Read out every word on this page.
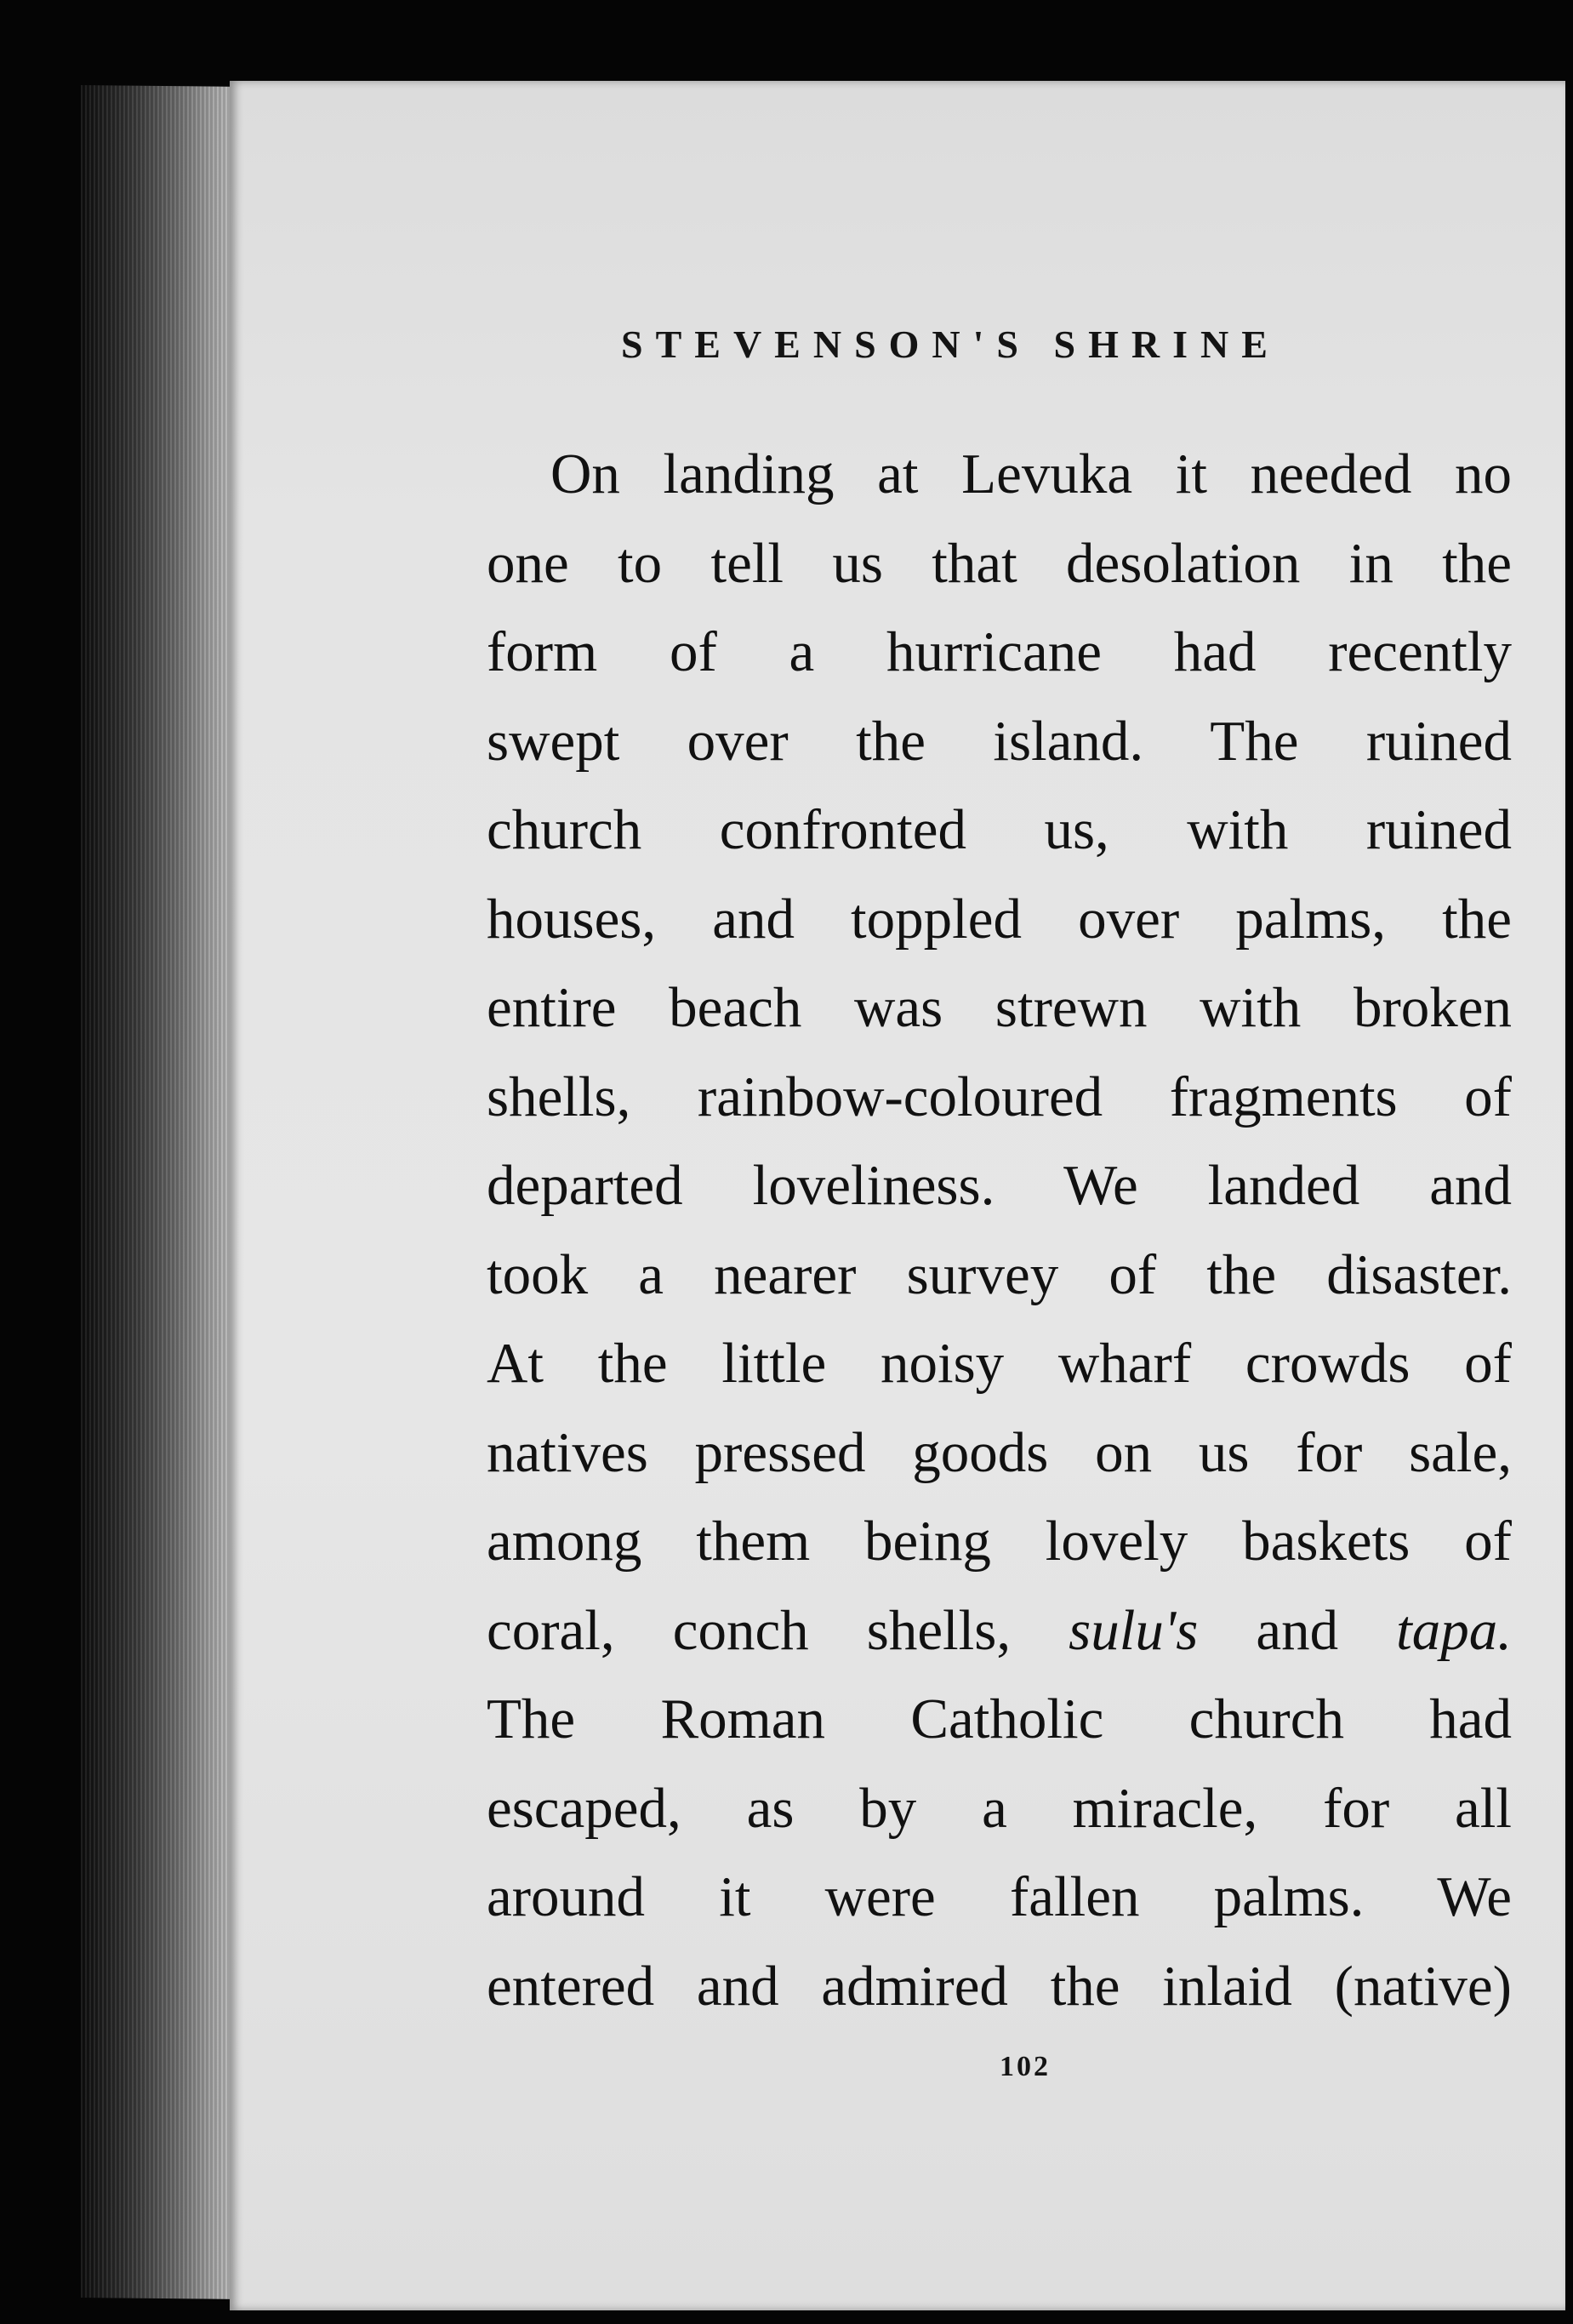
STEVENSON'S SHRINE
On landing at Levuka it needed no
one to tell us that desolation in the
form of a hurricane had recently
swept over the island. The ruined
church confronted us, with ruined
houses, and toppled over palms, the
entire beach was strewn with broken
shells, rainbow-coloured fragments of
departed loveliness. We landed and
took a nearer survey of the disaster.
At the little noisy wharf crowds of
natives pressed goods on us for sale,
among them being lovely baskets of
coral, conch shells, sulu's and tapa.
The Roman Catholic church had
escaped, as by a miracle, for all
around it were fallen palms. We
entered and admired the inlaid (native)
102
